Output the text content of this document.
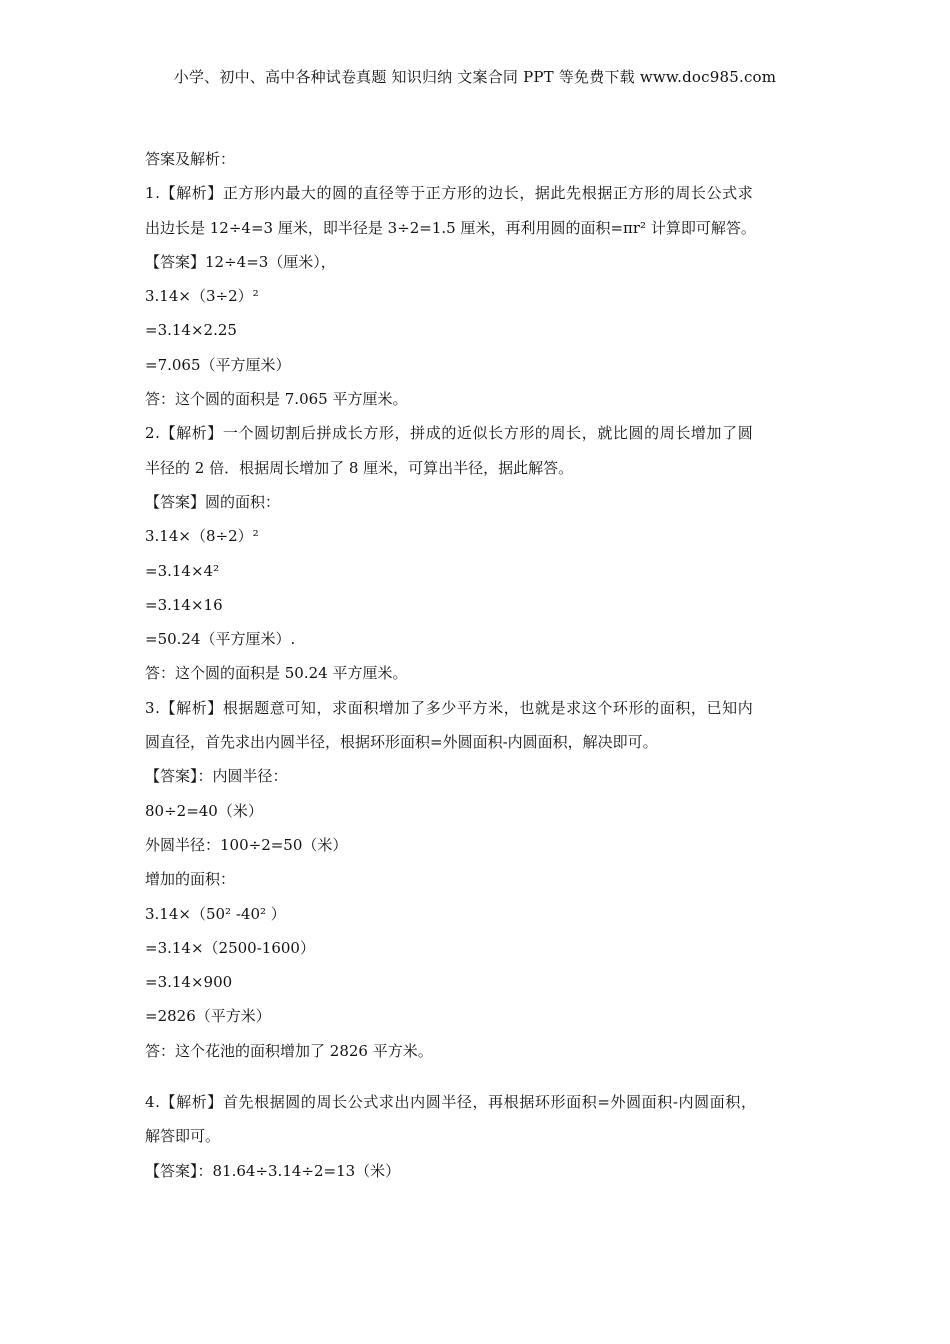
小学、初中、高中各种试卷真题 知识归纳 文案合同 PPT 等免费下载 www.doc985.com
答案及解析：
1.【解析】正方形内最大的圆的直径等于正方形的边长，据此先根据正方形的周长公式求
出边长是 12÷4=3 厘米，即半径是 3÷2=1.5 厘米，再利用圆的面积=πr² 计算即可解答。
【答案】12÷4=3（厘米），
3.14×（3÷2）²
=3.14×2.25
=7.065（平方厘米）
答：这个圆的面积是 7.065 平方厘米。
2.【解析】一个圆切割后拼成长方形，拼成的近似长方形的周长，就比圆的周长增加了圆
半径的 2 倍．根据周长增加了 8 厘米，可算出半径，据此解答。
【答案】圆的面积：
3.14×（8÷2）²
=3.14×4²
=3.14×16
=50.24（平方厘米）.
答：这个圆的面积是 50.24 平方厘米。
3.【解析】根据题意可知，求面积增加了多少平方米，也就是求这个环形的面积，已知内
圆直径，首先求出内圆半径，根据环形面积=外圆面积-内圆面积，解决即可。
【答案】：内圆半径：
80÷2=40（米）
外圆半径：100÷2=50（米）
增加的面积：
3.14×（50² -40² ）
=3.14×（2500-1600）
=3.14×900
=2826（平方米）
答：这个花池的面积增加了 2826 平方米。
4.【解析】首先根据圆的周长公式求出内圆半径，再根据环形面积=外圆面积-内圆面积，
解答即可。
【答案】：81.64÷3.14÷2=13（米）
